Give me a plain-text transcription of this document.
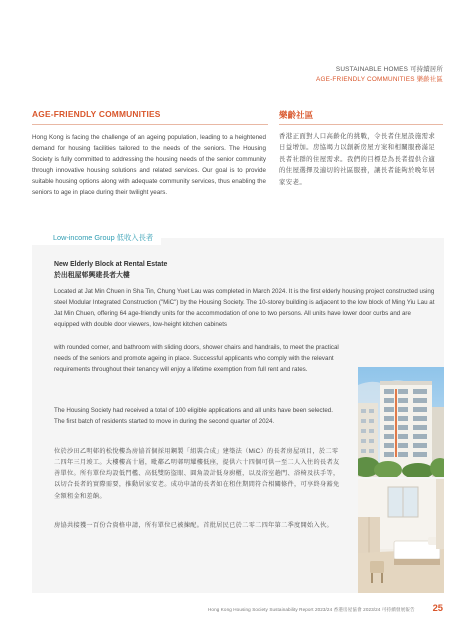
SUSTAINABLE HOMES 可持續居所
AGE-FRIENDLY COMMUNITIES 樂齡社區
AGE-FRIENDLY COMMUNITIES	樂齡社區
Hong Kong is facing the challenge of an ageing population, leading to a heightened demand for housing facilities tailored to the needs of the seniors. The Housing Society is fully committed to addressing the housing needs of the senior community through innovative housing solutions and related services. Our goal is to provide suitable housing options along with adequate community services, thus enabling the seniors to age in place during their twilight years.
香港正面對人口高齡化的挑戰，令長者住屋設施需求日益增加。房協竭力以創新房屋方案和相關服務滿足長者社群的住屋需求。我們的目標是為長者提供合適的住屋選擇及適切的社區服務，讓長者能夠於晚年居家安老。
Low-income Group 低收入長者
New Elderly Block at Rental Estate
於出租屋邨興建長者大樓
Located at Jat Min Chuen in Sha Tin, Chung Yuet Lau was completed in March 2024. It is the first elderly housing project constructed using steel Modular Integrated Construction ("MiC") by the Housing Society. The 10-storey building is adjacent to the low block of Ming Yiu Lau at Jat Min Chuen, offering 64 age-friendly units for the accommodation of one to two persons. All units have lower door curbs and are equipped with double door viewers, low-height kitchen cabinets
with rounded corner, and bathroom with sliding doors, shower chairs and handrails, to meet the practical needs of the seniors and promote ageing in place. Successful applicants who comply with the relevant requirements throughout their tenancy will enjoy a lifetime exemption from full rent and rates.
The Housing Society had received a total of 100 eligible applications and all units have been selected. The first batch of residents started to move in during the second quarter of 2024.
位於沙田乙明邨的松悅樓為房協首個採用鋼製「組裝合成」建築法（MiC）的長者房屋項目，於二零二四年三月竣工。大樓樓高十層，毗鄰乙明邨明耀樓低座，提供六十四個可供一至二人入住的長者友善單位。所有單位均設低門檻、高低雙防盜眼、圓角設計低身廚櫃，以及浴室趟門、浴椅及扶手等，以切合長者的實際需要，推動居家安老。成功申請的長者如在租住期間符合相關條件，可享終身豁免全額租金和差餉。
房協共接獲一百份合資格申請，所有單位已被揀配。首批居民已於二零二四年第二季度開始入伙。
Hong Kong Housing Society Sustainability Report 2023/24 香港房屋協會 2023/24 可持續發展報告 25
